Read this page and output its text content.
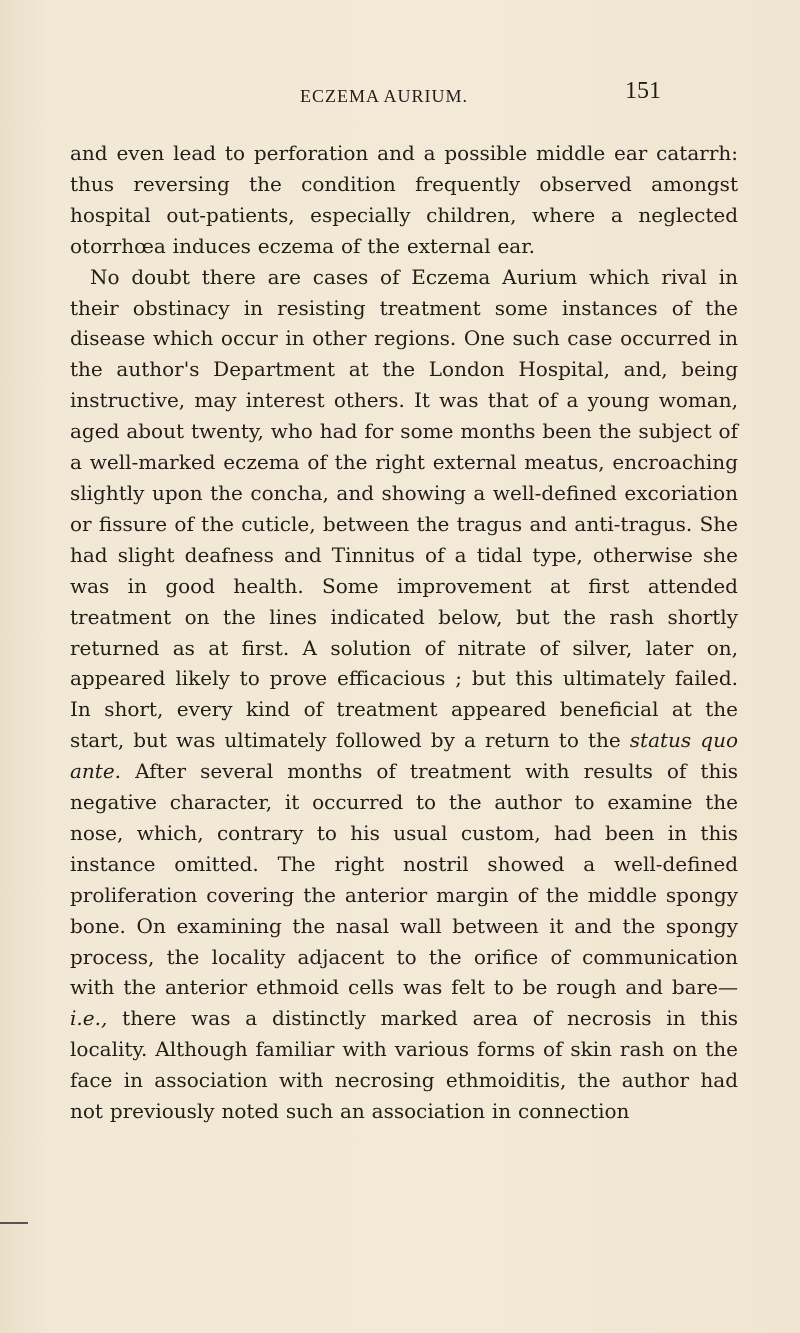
ECZEMA AURIUM.	151

and even lead to perforation and a possible middle ear catarrh: thus reversing the condition frequently observed amongst hospital out-patients, especially children, where a neglected otorrhœa induces eczema of the external ear.

No doubt there are cases of Eczema Aurium which rival in their obstinacy in resisting treatment some instances of the disease which occur in other regions. One such case occurred in the author's Department at the London Hospital, and, being instructive, may interest others. It was that of a young woman, aged about twenty, who had for some months been the subject of a well-marked eczema of the right external meatus, encroaching slightly upon the concha, and showing a well-defined excoriation or fissure of the cuticle, between the tragus and anti-tragus. She had slight deafness and Tinnitus of a tidal type, otherwise she was in good health. Some improvement at first attended treatment on the lines indicated below, but the rash shortly returned as at first. A solution of nitrate of silver, later on, appeared likely to prove efficacious ; but this ultimately failed. In short, every kind of treatment appeared beneficial at the start, but was ultimately followed by a return to the status quo ante. After several months of treatment with results of this negative character, it occurred to the author to examine the nose, which, contrary to his usual custom, had been in this instance omitted. The right nostril showed a well-defined proliferation covering the anterior margin of the middle spongy bone. On examining the nasal wall between it and the spongy process, the locality adjacent to the orifice of communication with the anterior ethmoid cells was felt to be rough and bare—i.e., there was a distinctly marked area of necrosis in this locality. Although familiar with various forms of skin rash on the face in association with necrosing ethmoiditis, the author had not previously noted such an association in connection
